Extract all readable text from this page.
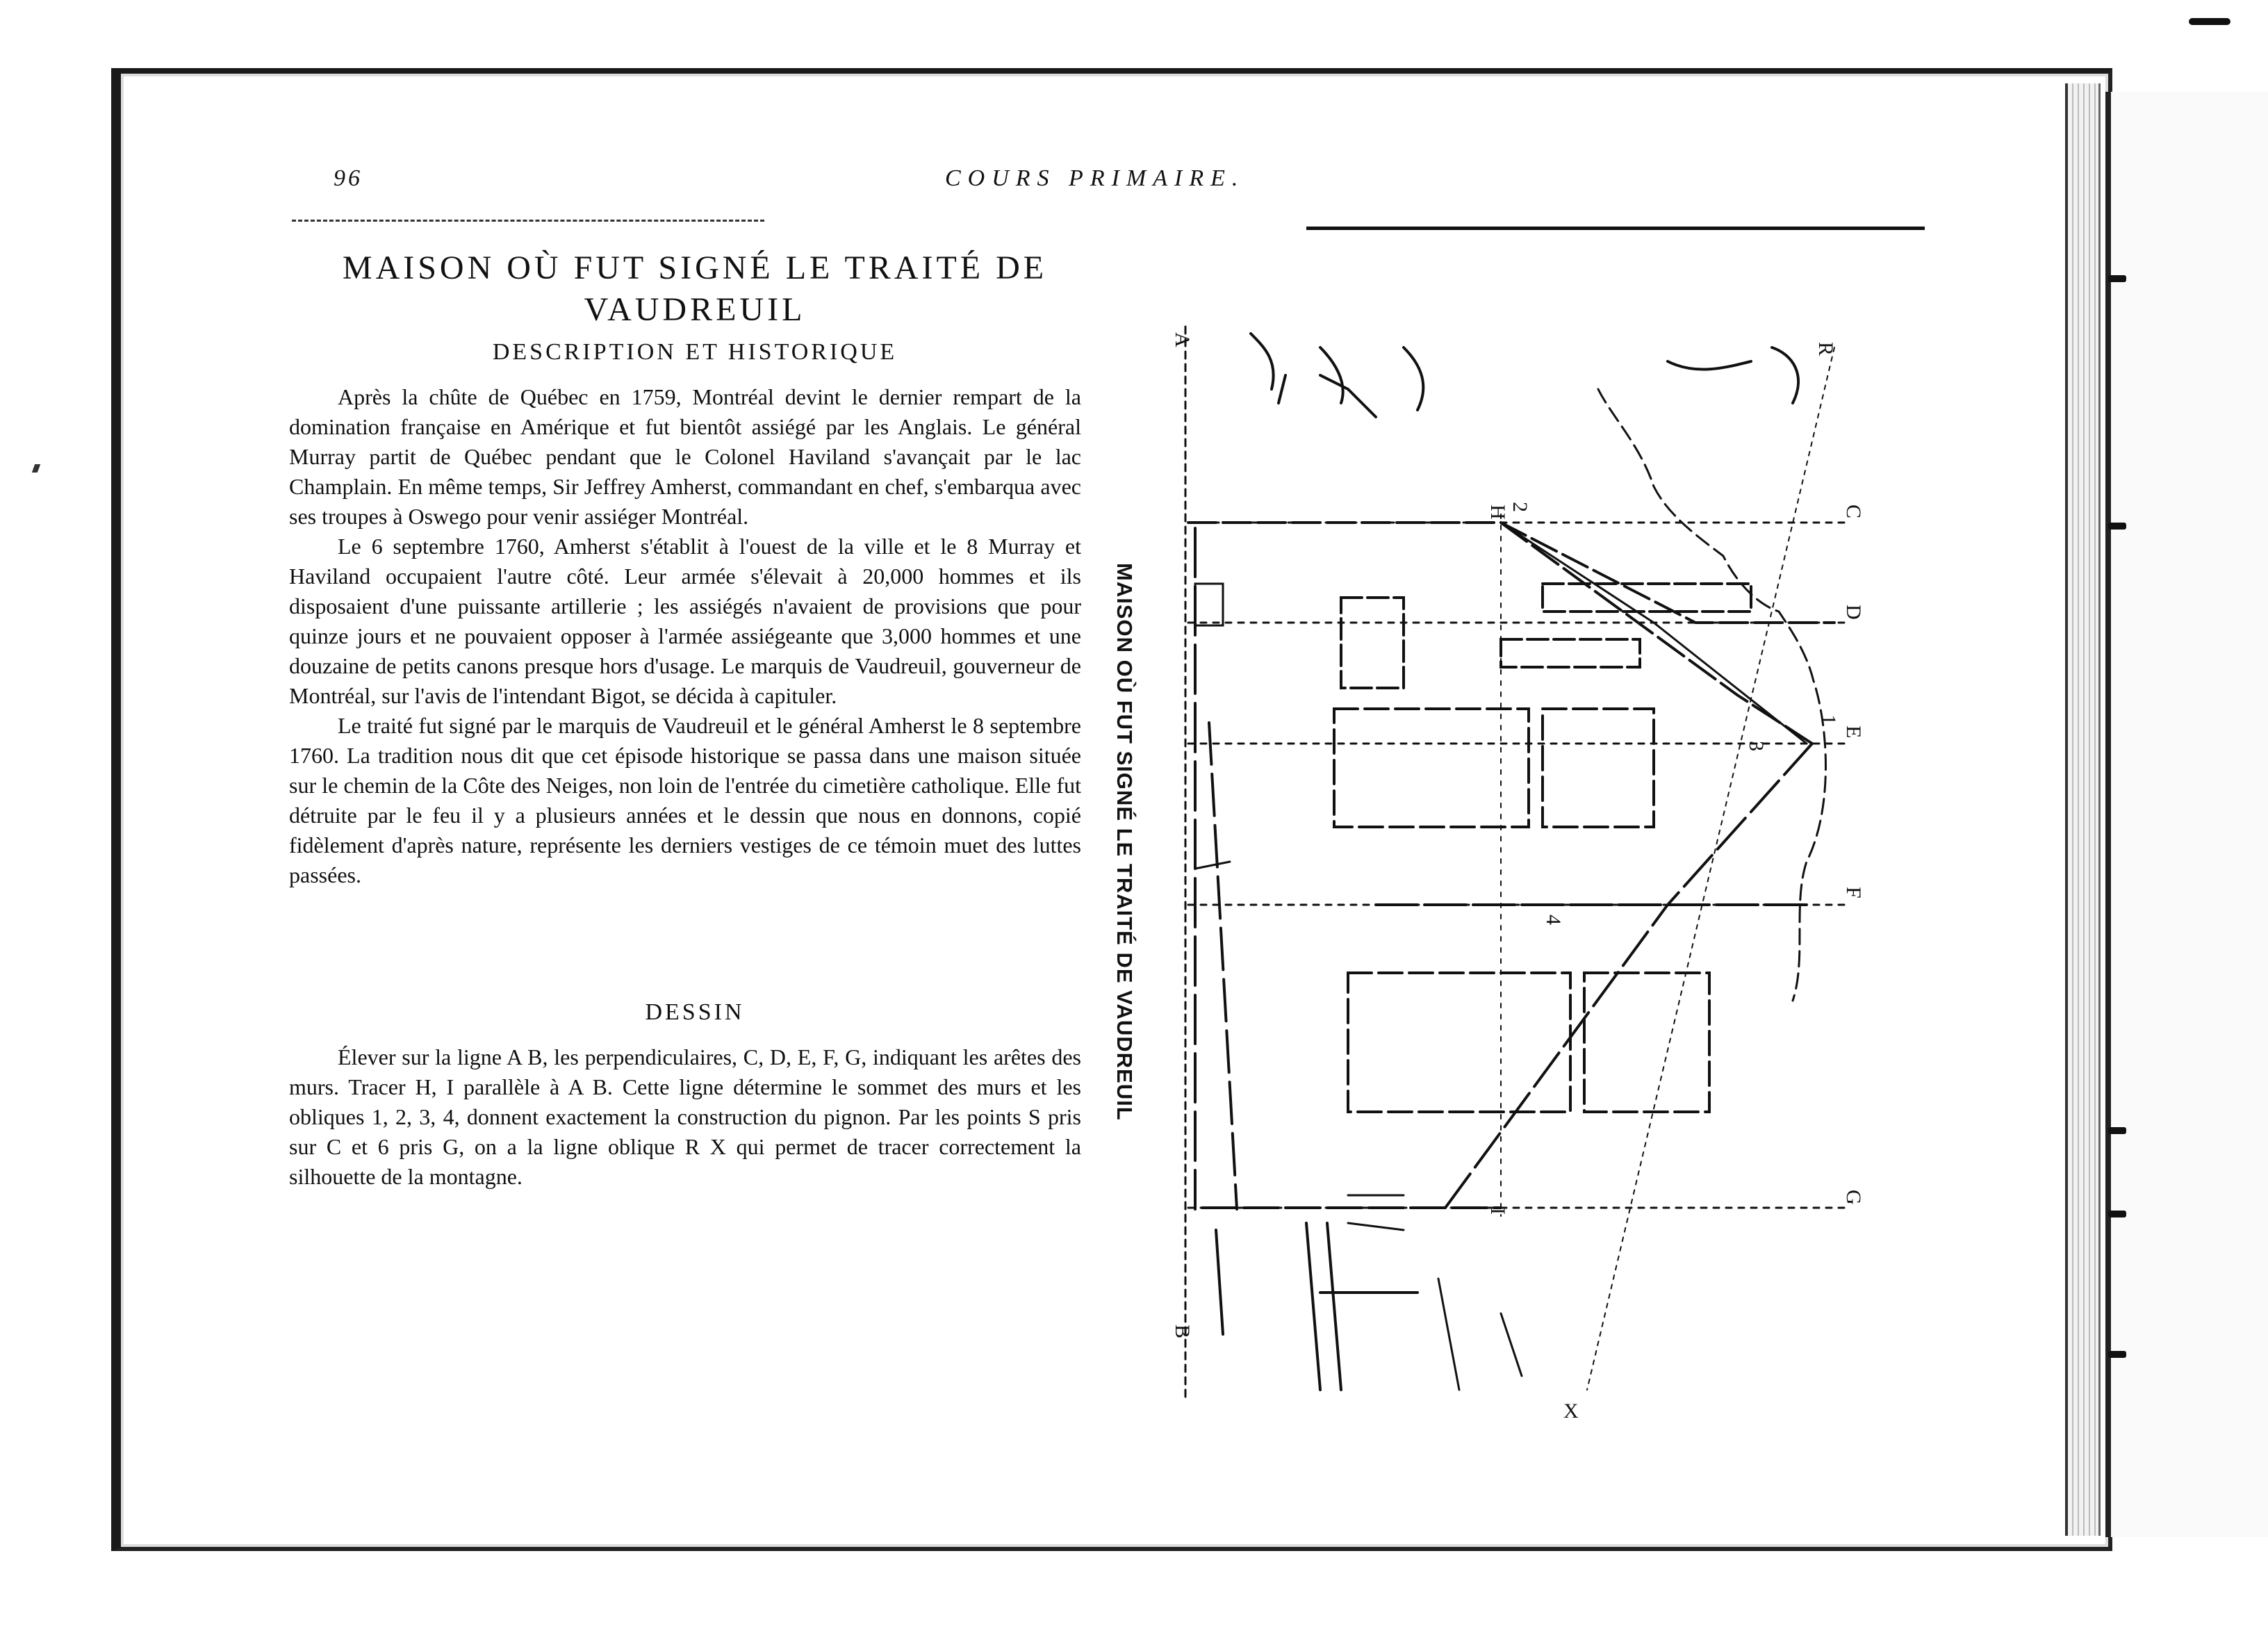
96	COURS PRIMAIRE.
MAISON OÙ FUT SIGNÉ LE TRAITÉ DE
VAUDREUIL
DESCRIPTION ET HISTORIQUE

Après la chûte de Québec en 1759, Montréal devint le dernier rempart de la domination française en Amérique et fut bientôt assiégé par les Anglais. Le général Murray partit de Québec pendant que le Colonel Haviland s'avançait par le lac Champlain. En même temps, Sir Jeffrey Amherst, commandant en chef, s'embarqua avec ses troupes à Oswego pour venir assiéger Montréal.

Le 6 septembre 1760, Amherst s'établit à l'ouest de la ville et le 8 Murray et Haviland occupaient l'autre côté. Leur armée s'élevait à 20,000 hommes et ils disposaient d'une puissante artillerie ; les assiégés n'avaient de provisions que pour quinze jours et ne pouvaient opposer à l'armée assiégeante que 3,000 hommes et une douzaine de petits canons presque hors d'usage. Le marquis de Vaudreuil, gouverneur de Montréal, sur l'avis de l'intendant Bigot, se décida à capituler.

Le traité fut signé par le marquis de Vaudreuil et le général Amherst le 8 septembre 1760. La tradition nous dit que cet épisode historique se passa dans une maison située sur le chemin de la Côte des Neiges, non loin de l'entrée du cimetière catholique. Elle fut détruite par le feu il y a plusieurs années et le dessin que nous en donnons, copié fidèlement d'après nature, représente les derniers vestiges de ce témoin muet des luttes passées.

DESSIN

Élever sur la ligne A B, les perpendiculaires, C, D, E, F, G, indiquant les arêtes des murs. Tracer H, I parallèle à A B. Cette ligne détermine le sommet des murs et les obliques 1, 2, 3, 4, donnent exactement la construction du pignon. Par les points S pris sur C et 6 pris G, on a la ligne oblique R X qui permet de tracer correctement la silhouette de la montagne.

MAISON OÙ FUT SIGNÉ LE TRAITÉ DE VAUDREUIL
A
B
C
D
E
F
G
H
I
R
X
1
2
3
4
